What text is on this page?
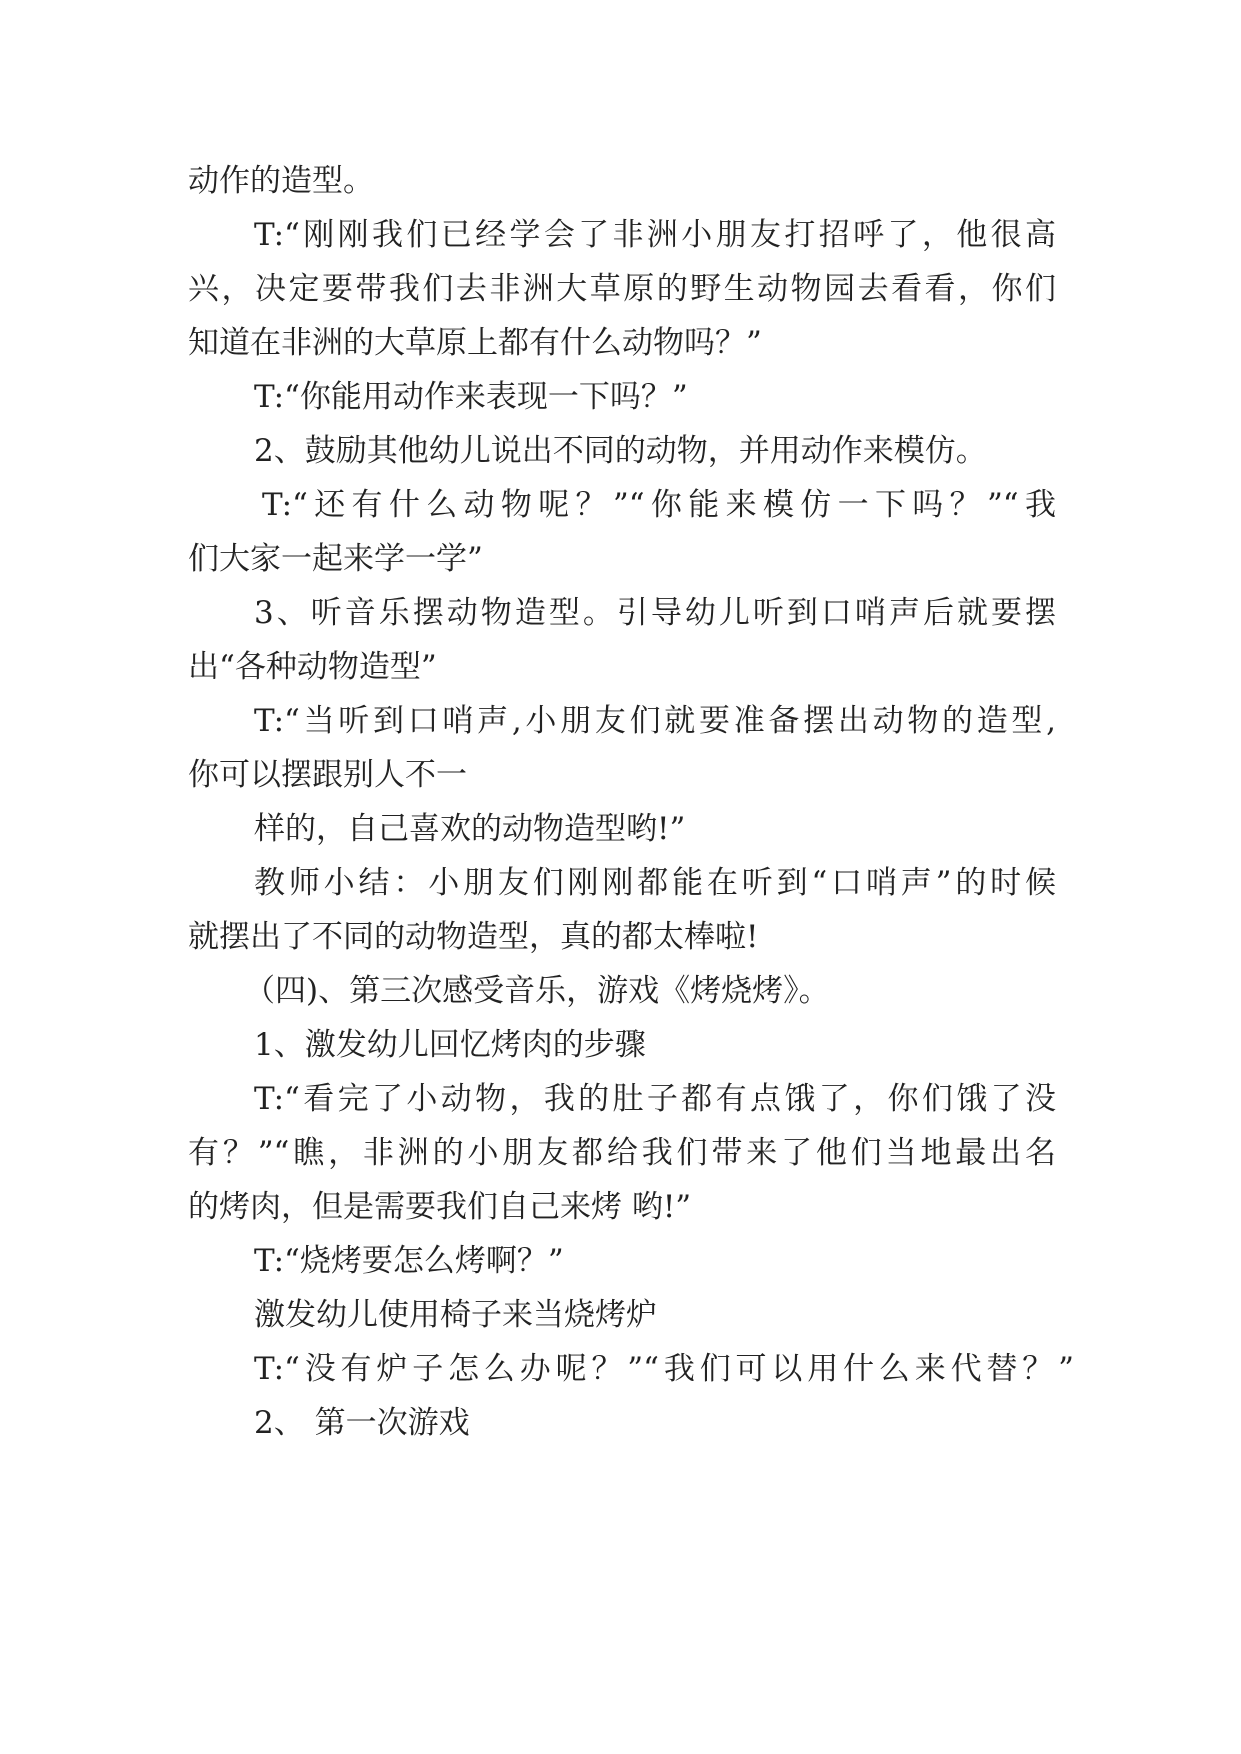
动作的造型。
T:“刚刚我们已经学会了非洲小朋友打招呼了，他很高
兴，决定要带我们去非洲大草原的野生动物园去看看，你们
知道在非洲的大草原上都有什么动物吗？”
T:“你能用动作来表现一下吗？”
2、鼓励其他幼儿说出不同的动物，并用动作来模仿。
T:“还有什么动物呢？”“你能来模仿一下吗？”“我
们大家一起来学一学”
3、听音乐摆动物造型。引导幼儿听到口哨声后就要摆
出“各种动物造型”
T:“当听到口哨声,小朋友们就要准备摆出动物的造型,
你可以摆跟别人不一
样的，自己喜欢的动物造型哟!”
教师小结：小朋友们刚刚都能在听到“口哨声”的时候
就摆出了不同的动物造型，真的都太棒啦!
（四)、第三次感受音乐，游戏《烤烧烤》。
1、激发幼儿回忆烤肉的步骤
T:“看完了小动物，我的肚子都有点饿了，你们饿了没
有？”“瞧，非洲的小朋友都给我们带来了他们当地最出名
的烤肉，但是需要我们自己来烤 哟!”
T:“烧烤要怎么烤啊？”
激发幼儿使用椅子来当烧烤炉
T:“没有炉子怎么办呢？”“我们可以用什么来代替？”
2、 第一次游戏
